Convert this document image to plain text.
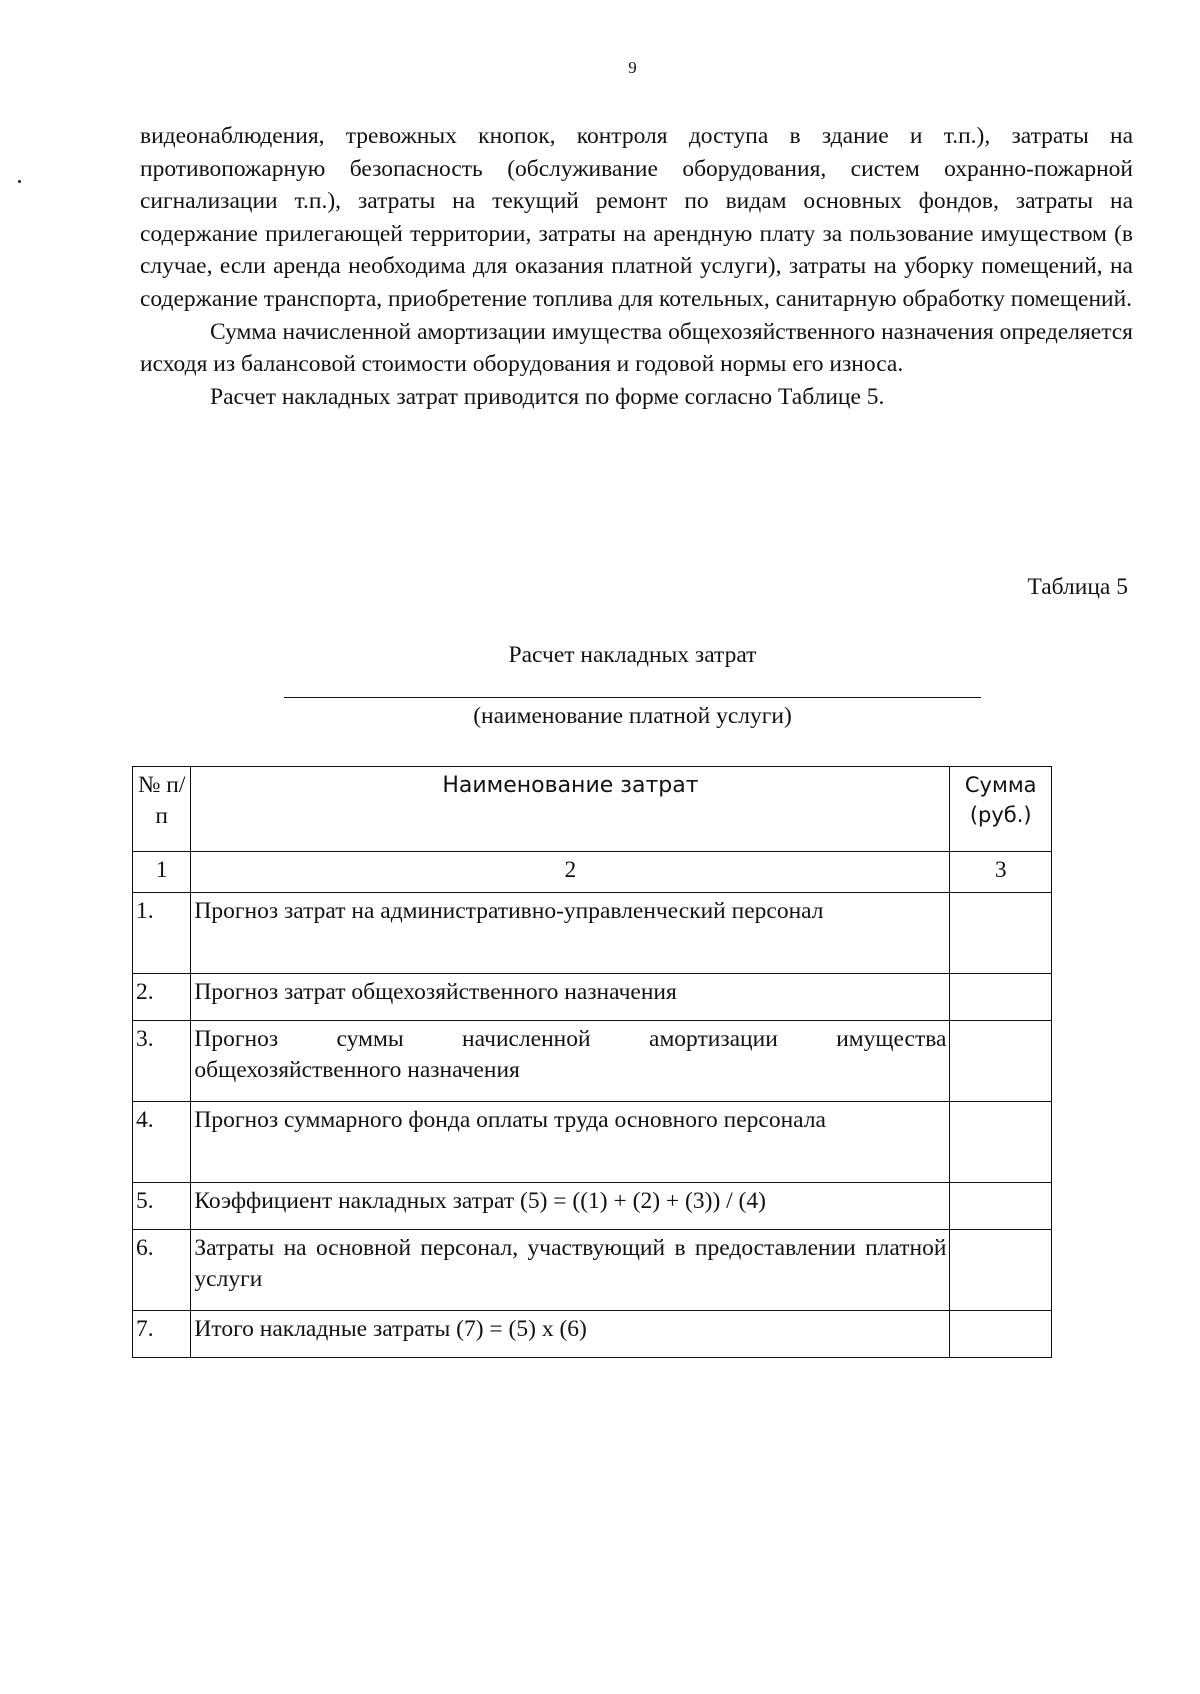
9

видеонаблюдения, тревожных кнопок, контроля доступа в здание и т.п.), затраты на противопожарную безопасность (обслуживание оборудования, систем охранно-пожарной сигнализации т.п.), затраты на текущий ремонт по видам основных фондов, затраты на содержание прилегающей территории, затраты на арендную плату за пользование имуществом (в случае, если аренда необходима для оказания платной услуги), затраты на уборку помещений, на содержание транспорта, приобретение топлива для котельных, санитарную обработку помещений.

Сумма начисленной амортизации имущества общехозяйственного назначения определяется исходя из балансовой стоимости оборудования и годовой нормы его износа.

Расчет накладных затрат приводится по форме согласно Таблице 5.

Таблица 5
Расчет накладных затрат
(наименование платной услуги)
№ п/п	Наименование затрат	Сумма (руб.)
1	2	3
1.	Прогноз затрат на административно-управленческий персонал	
2.	Прогноз затрат общехозяйственного назначения	
3.	Прогноз суммы начисленной амортизации имущества общехозяйственного назначения	
4.	Прогноз суммарного фонда оплаты труда основного персонала	
5.	Коэффициент накладных затрат (5) = ((1) + (2) + (3)) / (4)	
6.	Затраты на основной персонал, участвующий в предоставлении платной услуги	
7.	Итого накладные затраты (7) = (5) х (6)	
